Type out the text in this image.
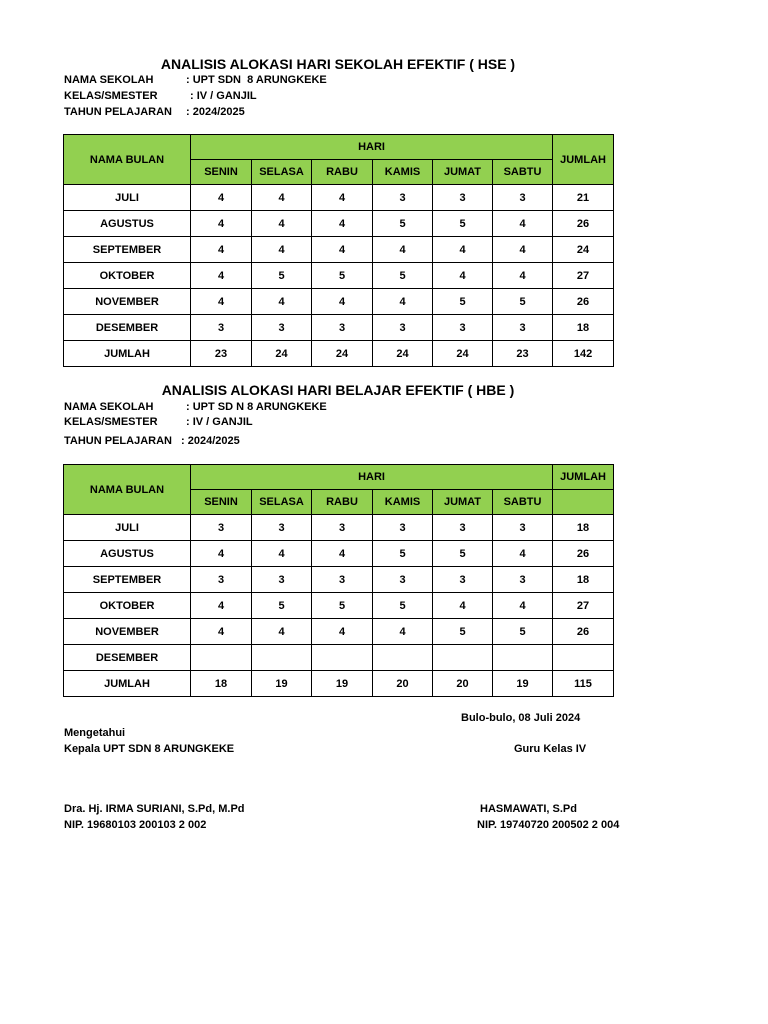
ANALISIS ALOKASI HARI SEKOLAH EFEKTIF ( HSE )
NAMA SEKOLAH	: UPT SDN  8 ARUNGKEKE
KELAS/SMESTER	: IV / GANJIL
TAHUN PELAJARAN : 2024/2025
NAMA BULAN	HARI						JUMLAH
	SENIN	SELASA	RABU	KAMIS	JUMAT	SABTU	
JULI	4	4	4	3	3	3	21
AGUSTUS	4	4	4	5	5	4	26
SEPTEMBER	4	4	4	4	4	4	24
OKTOBER	4	5	5	5	4	4	27
NOVEMBER	4	4	4	4	5	5	26
DESEMBER	3	3	3	3	3	3	18
JUMLAH	23	24	24	24	24	23	142
ANALISIS ALOKASI HARI BELAJAR EFEKTIF ( HBE )
NAMA SEKOLAH	: UPT SD N 8 ARUNGKEKE
KELAS/SMESTER	: IV / GANJIL
TAHUN PELAJARAN : 2024/2025
NAMA BULAN	HARI						JUMLAH
	SENIN	SELASA	RABU	KAMIS	JUMAT	SABTU	
JULI	3	3	3	3	3	3	18
AGUSTUS	4	4	4	5	5	4	26
SEPTEMBER	3	3	3	3	3	3	18
OKTOBER	4	5	5	5	4	4	27
NOVEMBER	4	4	4	4	5	5	26
DESEMBER							
JUMLAH	18	19	19	20	20	19	115
Bulo-bulo, 08 Juli 2024
Mengetahui
Kepala UPT SDN 8 ARUNGKEKE	Guru Kelas IV
Dra. Hj. IRMA SURIANI, S.Pd, M.Pd	HASMAWATI, S.Pd
NIP. 19680103 200103 2 002	NIP. 19740720 200502 2 004
